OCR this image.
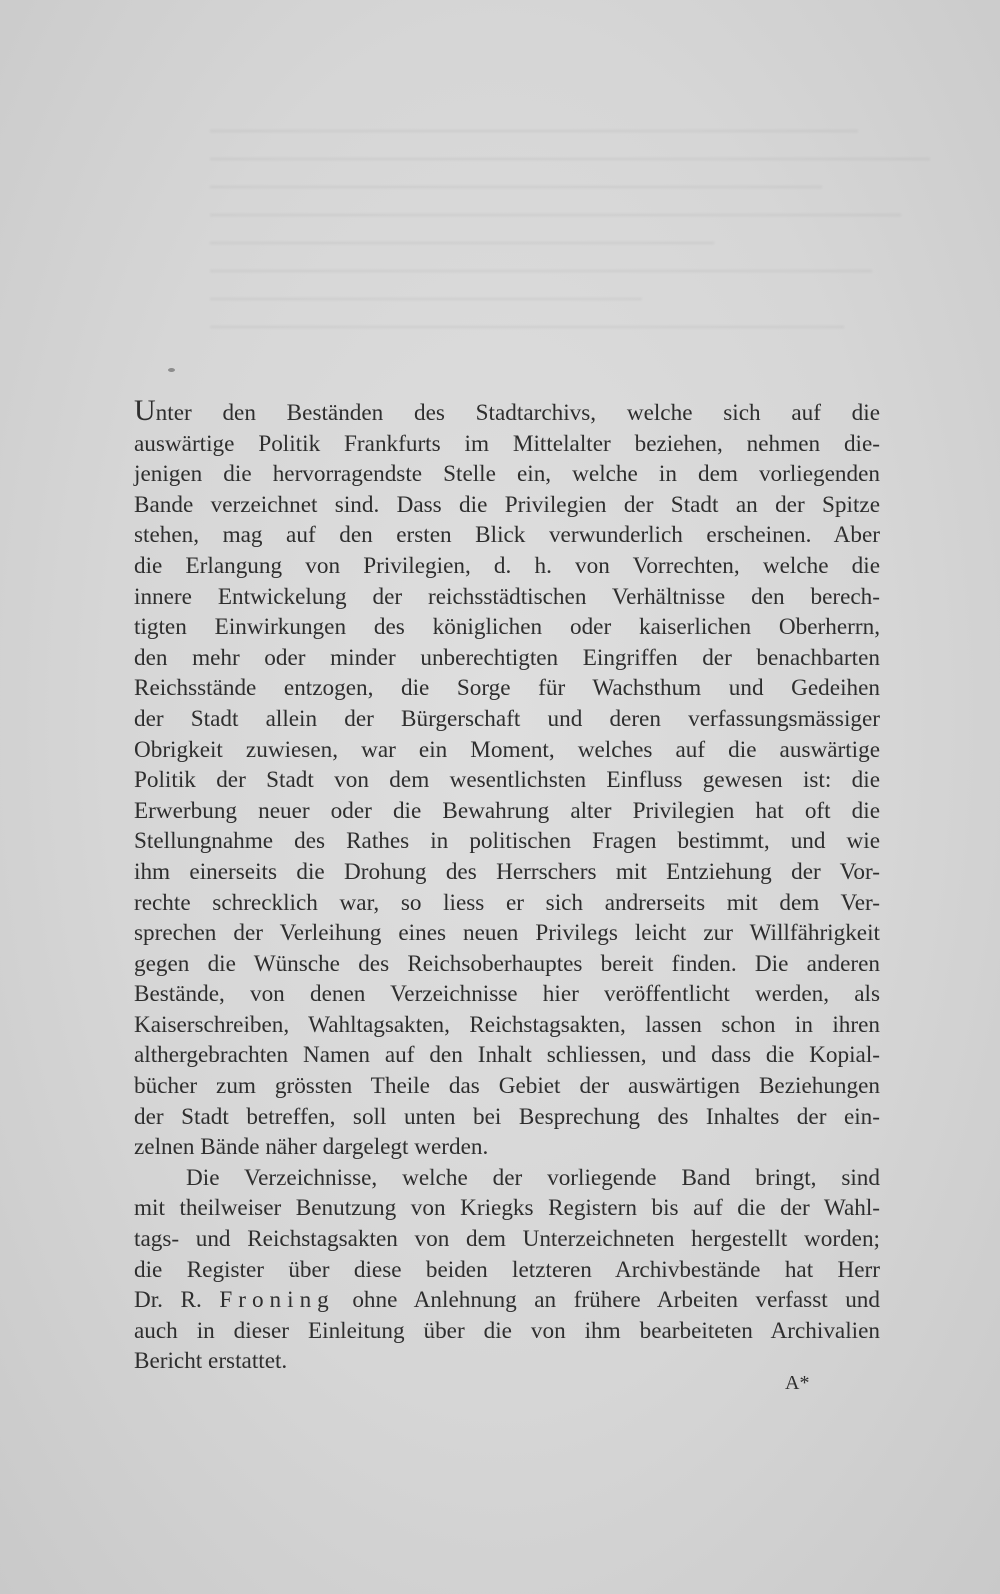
Unter den Beständen des Stadtarchivs, welche sich auf die
auswärtige Politik Frankfurts im Mittelalter beziehen, nehmen die-
jenigen die hervorragendste Stelle ein, welche in dem vorliegenden
Bande verzeichnet sind. Dass die Privilegien der Stadt an der Spitze
stehen, mag auf den ersten Blick verwunderlich erscheinen. Aber
die Erlangung von Privilegien, d. h. von Vorrechten, welche die
innere Entwickelung der reichsstädtischen Verhältnisse den berech-
tigten Einwirkungen des königlichen oder kaiserlichen Oberherrn,
den mehr oder minder unberechtigten Eingriffen der benachbarten
Reichsstände entzogen, die Sorge für Wachsthum und Gedeihen
der Stadt allein der Bürgerschaft und deren verfassungsmässiger
Obrigkeit zuwiesen, war ein Moment, welches auf die auswärtige
Politik der Stadt von dem wesentlichsten Einfluss gewesen ist: die
Erwerbung neuer oder die Bewahrung alter Privilegien hat oft die
Stellungnahme des Rathes in politischen Fragen bestimmt, und wie
ihm einerseits die Drohung des Herrschers mit Entziehung der Vor-
rechte schrecklich war, so liess er sich andrerseits mit dem Ver-
sprechen der Verleihung eines neuen Privilegs leicht zur Willfährigkeit
gegen die Wünsche des Reichsoberhauptes bereit finden. Die anderen
Bestände, von denen Verzeichnisse hier veröffentlicht werden, als
Kaiserschreiben, Wahltagsakten, Reichstagsakten, lassen schon in ihren
althergebrachten Namen auf den Inhalt schliessen, und dass die Kopial-
bücher zum grössten Theile das Gebiet der auswärtigen Beziehungen
der Stadt betreffen, soll unten bei Besprechung des Inhaltes der ein-
zelnen Bände näher dargelegt werden.
Die Verzeichnisse, welche der vorliegende Band bringt, sind
mit theilweiser Benutzung von Kriegks Registern bis auf die der Wahl-
tags- und Reichstagsakten von dem Unterzeichneten hergestellt worden;
die Register über diese beiden letzteren Archivbestände hat Herr
Dr. R. Froning ohne Anlehnung an frühere Arbeiten verfasst und
auch in dieser Einleitung über die von ihm bearbeiteten Archivalien
Bericht erstattet.
A*
